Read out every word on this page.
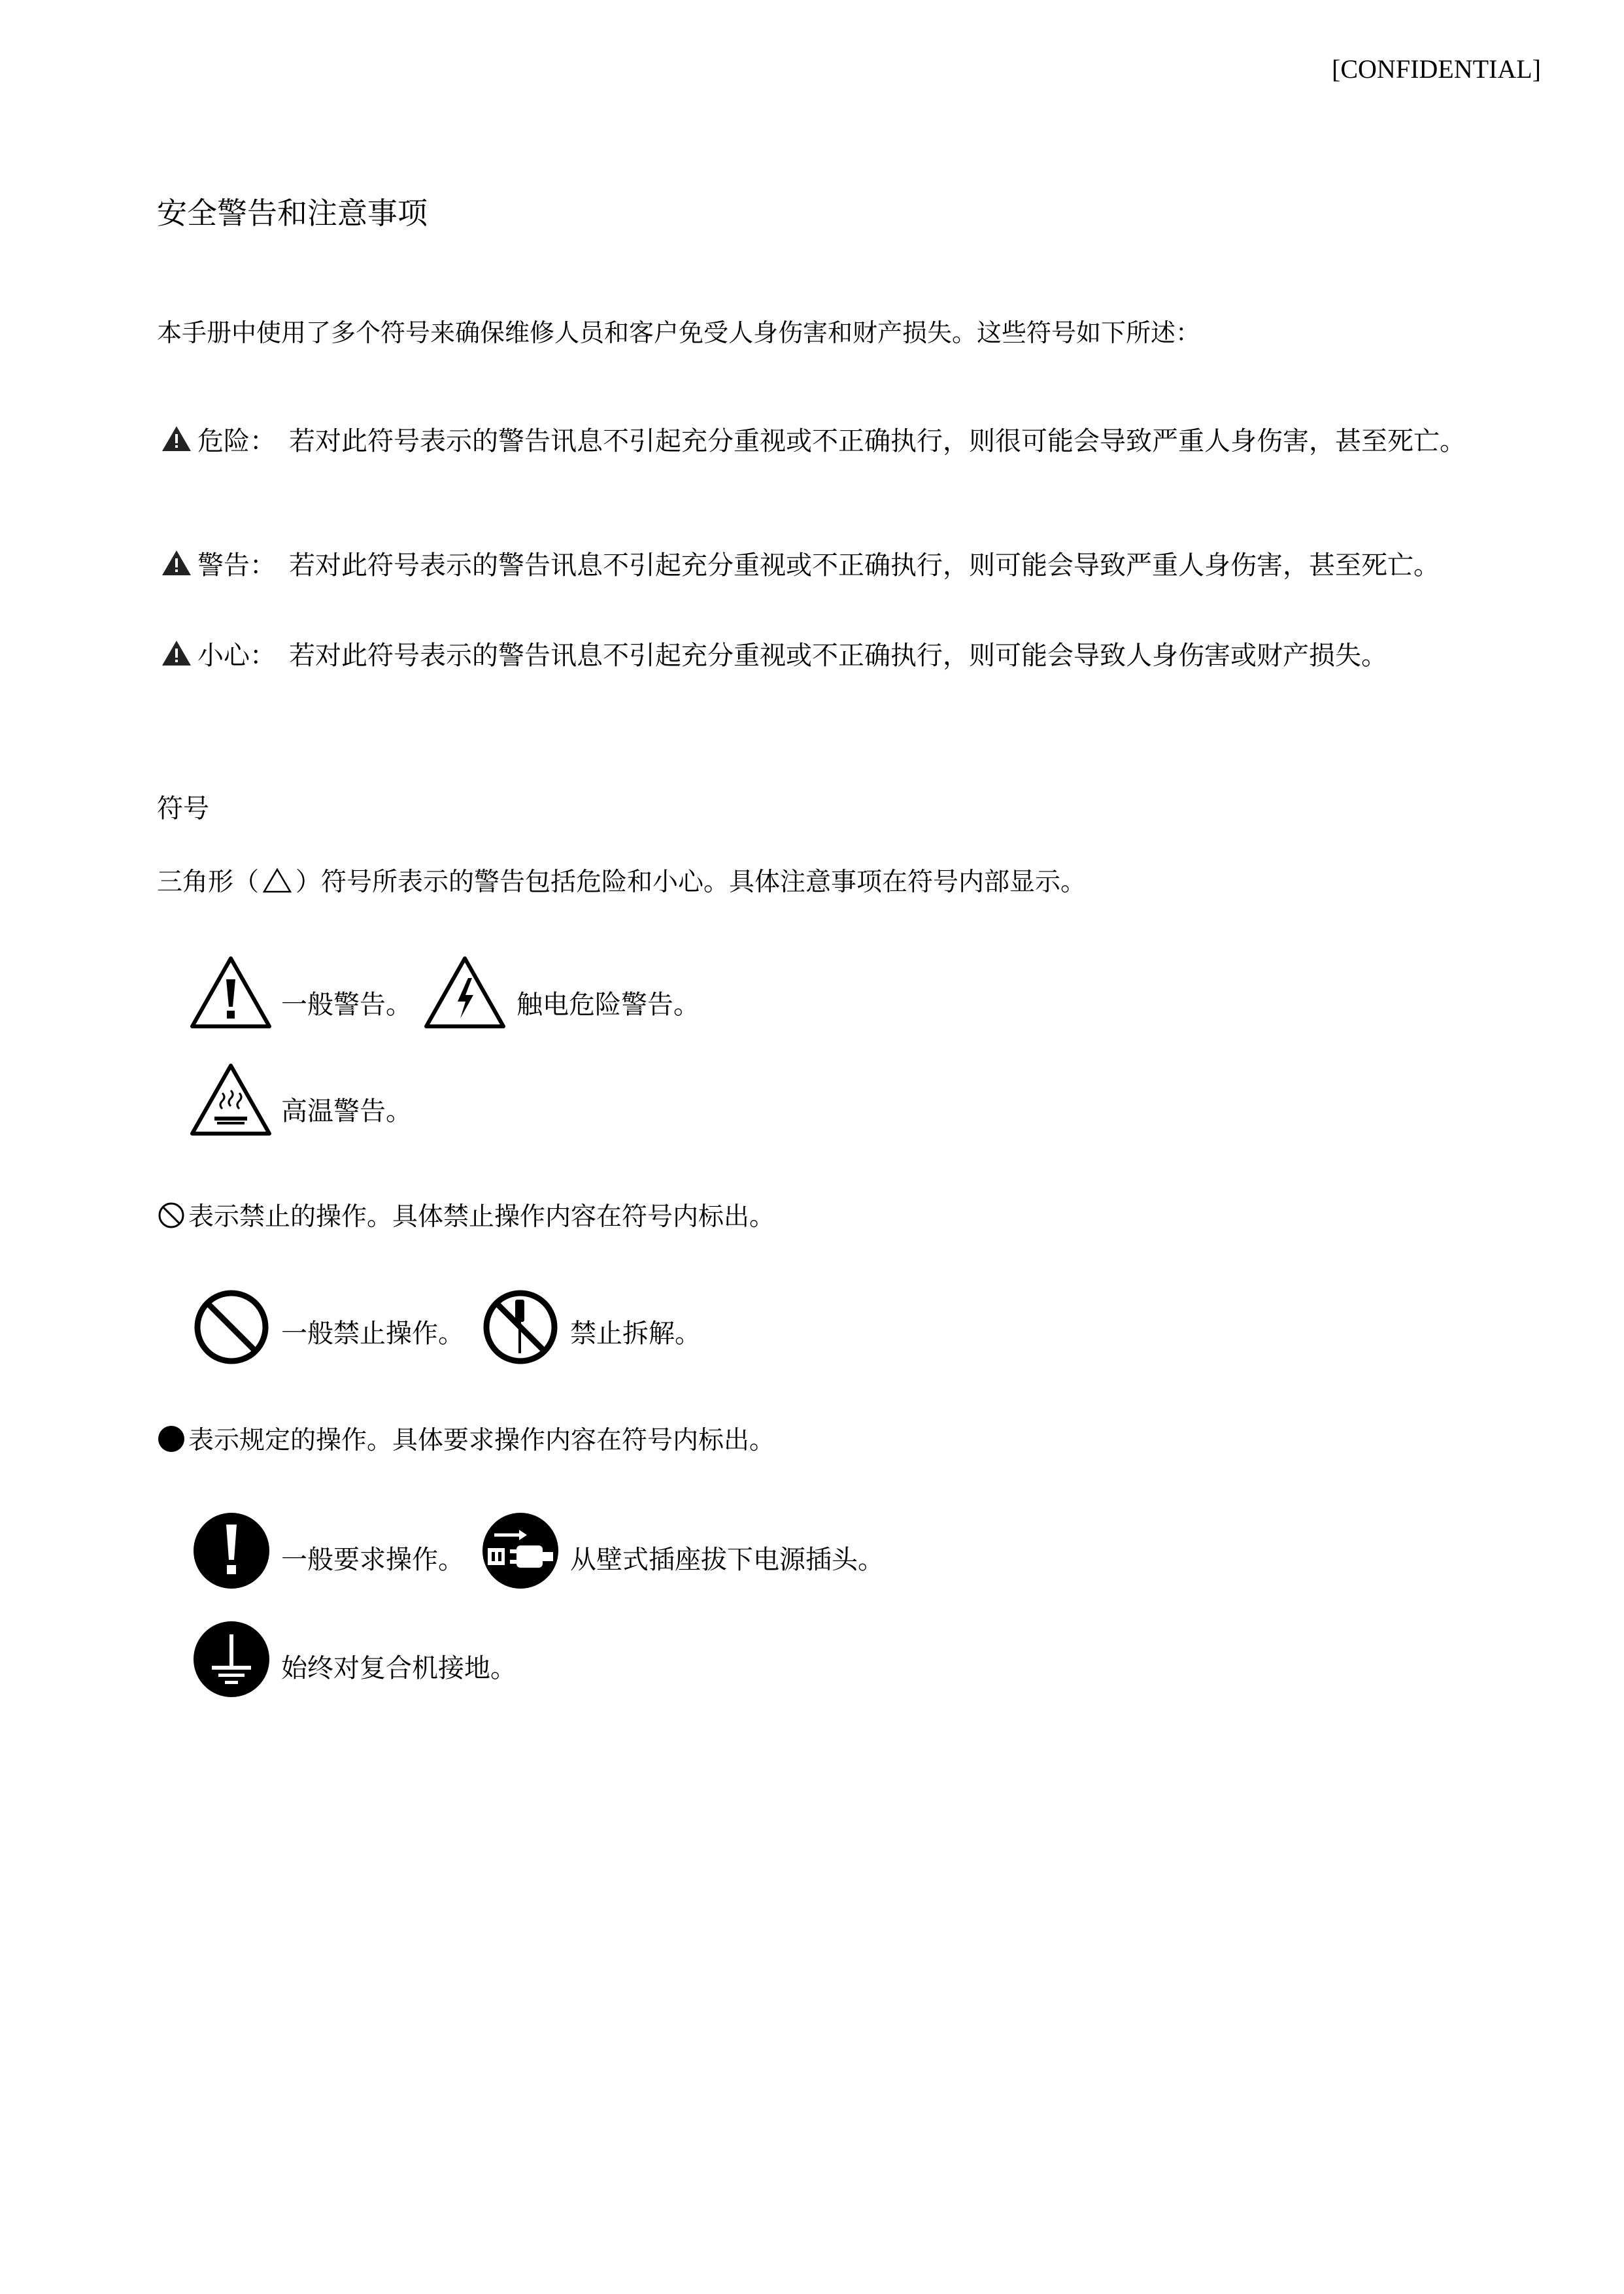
[CONFIDENTIAL]
安全警告和注意事项
本手册中使用了多个符号来确保维修人员和客户免受人身伤害和财产损失。这些符号如下所述：
危险： 若对此符号表示的警告讯息不引起充分重视或不正确执行，则很可能会导致严重人身伤害，甚至死亡。
警告： 若对此符号表示的警告讯息不引起充分重视或不正确执行，则可能会导致严重人身伤害，甚至死亡。
小心： 若对此符号表示的警告讯息不引起充分重视或不正确执行，则可能会导致人身伤害或财产损失。
符号
三角形（ ）符号所表示的警告包括危险和小心。具体注意事项在符号内部显示。
一般警告。	触电危险警告。
高温警告。
表示禁止的操作。具体禁止操作内容在符号内标出。
一般禁止操作。	禁止拆解。
表示规定的操作。具体要求操作内容在符号内标出。
一般要求操作。	从壁式插座拔下电源插头。
始终对复合机接地。
